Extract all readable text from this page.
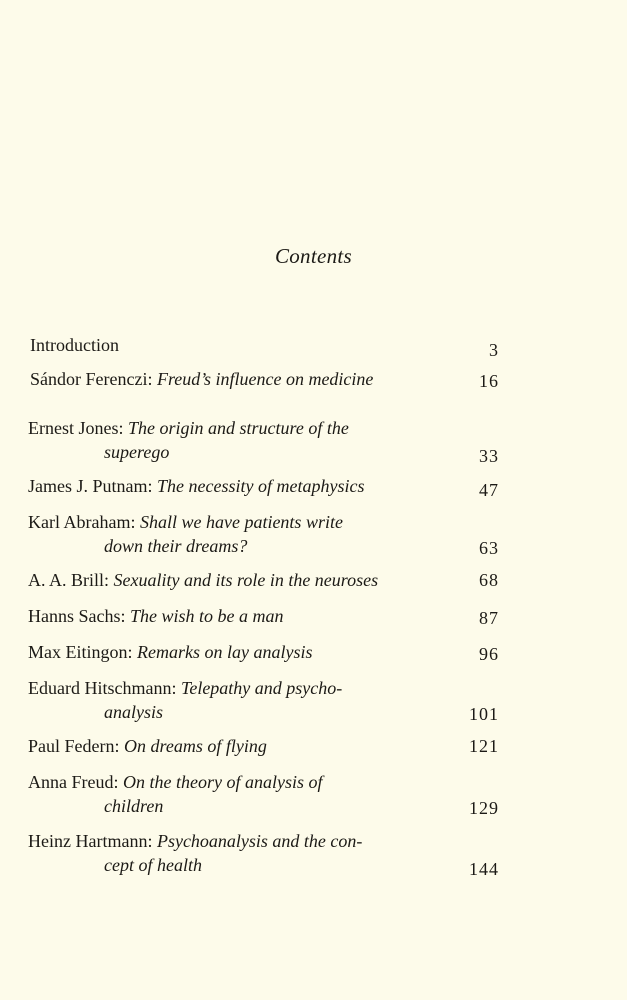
Contents
Introduction	3
Sándor Ferenczi: Freud’s influence on medicine	16
Ernest Jones: The origin and structure of the
superego	33
James J. Putnam: The necessity of metaphysics	47
Karl Abraham: Shall we have patients write
down their dreams?	63
A. A. Brill: Sexuality and its role in the neuroses	68
Hanns Sachs: The wish to be a man	87
Max Eitingon: Remarks on lay analysis	96
Eduard Hitschmann: Telepathy and psycho-
analysis	101
Paul Federn: On dreams of flying	121
Anna Freud: On the theory of analysis of
children	129
Heinz Hartmann: Psychoanalysis and the con-
cept of health	144
